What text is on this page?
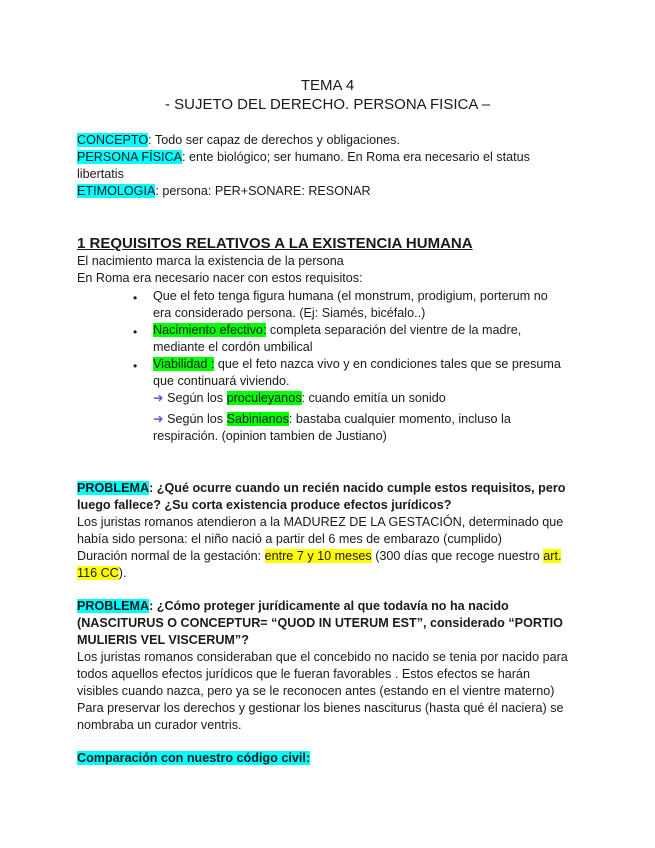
TEMA 4
- SUJETO DEL DERECHO. PERSONA FISICA –
CONCEPTO: Todo ser capaz de derechos y obligaciones.
PERSONA FÍSICA: ente biológico; ser humano. En Roma era necesario el status
libertatis
ETIMOLOGIA: persona: PER+SONARE: RESONAR
1 REQUISITOS RELATIVOS A LA EXISTENCIA HUMANA
El nacimiento marca la existencia de la persona
En Roma era necesario nacer con estos requisitos:
• Que el feto tenga figura humana (el monstrum, prodigium, porterum no
era considerado persona. (Ej: Siamés, bicéfalo..)
• Nacimiento efectivo: completa separación del vientre de la madre,
mediante el cordón umbilical
• Viabilidad : que el feto nazca vivo y en condiciones tales que se presuma
que continuará viviendo.
➜ Según los proculeyanos: cuando emitía un sonido
➜ Según los Sabinianos: bastaba cualquier momento, incluso la
respiración. (opinion tambien de Justiano)
PROBLEMA: ¿Qué ocurre cuando un recién nacido cumple estos requisitos, pero
luego fallece? ¿Su corta existencia produce efectos jurídicos?
Los juristas romanos atendieron a la MADUREZ DE LA GESTACIÓN, determinado que
había sido persona: el niño nació a partir del 6 mes de embarazo (cumplido)
Duración normal de la gestación: entre 7 y 10 meses (300 días que recoge nuestro art.
116 CC).
PROBLEMA: ¿Cómo proteger jurídicamente al que todavía no ha nacido
(NASCITURUS O CONCEPTUR= “QUOD IN UTERUM EST”, considerado “PORTIO
MULIERIS VEL VISCERUM”?
Los juristas romanos consideraban que el concebido no nacido se tenia por nacido para
todos aquellos efectos jurídicos que le fueran favorables . Estos efectos se harán
visibles cuando nazca, pero ya se le reconocen antes (estando en el vientre materno)
Para preservar los derechos y gestionar los bienes nasciturus (hasta qué él naciera) se
nombraba un curador ventris.
Comparación con nuestro código civil:
